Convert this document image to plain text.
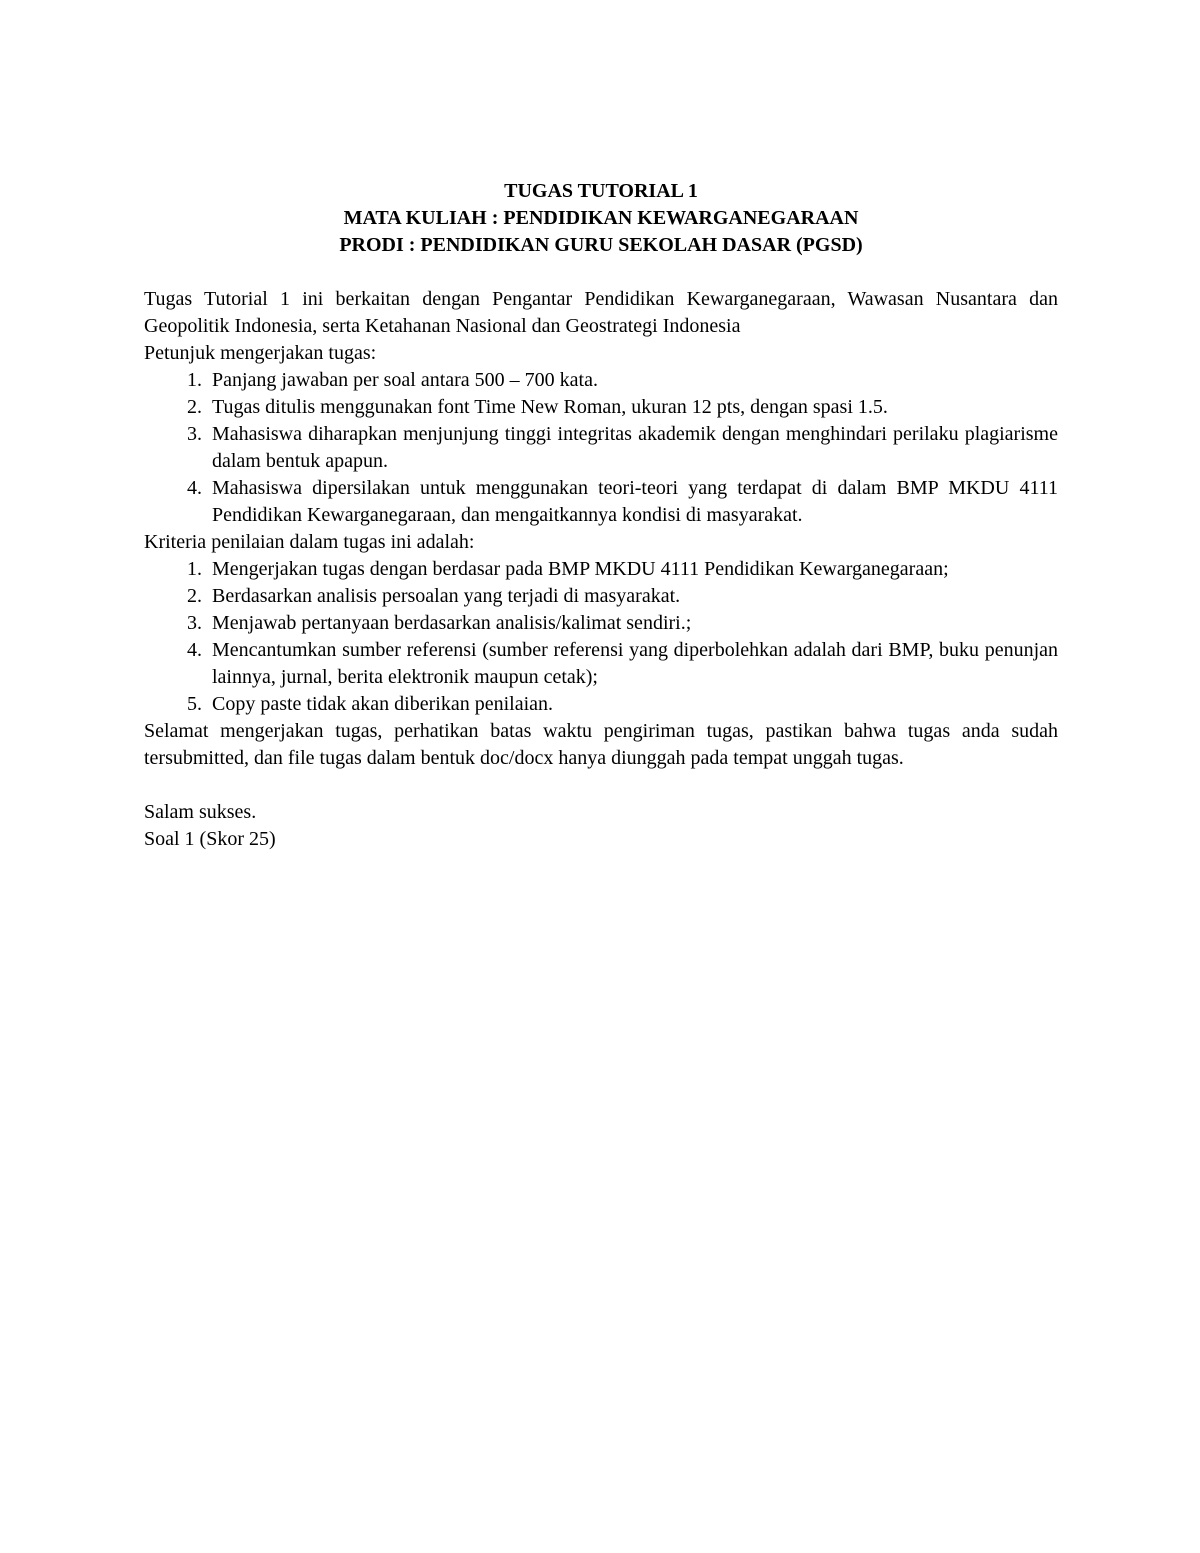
TUGAS TUTORIAL 1

MATA KULIAH : PENDIDIKAN KEWARGANEGARAAN

PRODI : PENDIDIKAN GURU SEKOLAH DASAR (PGSD)

Tugas Tutorial 1 ini berkaitan dengan Pengantar Pendidikan Kewarganegaraan, Wawasan Nusantara dan Geopolitik Indonesia, serta Ketahanan Nasional dan Geostrategi Indonesia

Petunjuk mengerjakan tugas:

1. Panjang jawaban per soal antara 500 – 700 kata.
2. Tugas ditulis menggunakan font Time New Roman, ukuran 12 pts, dengan spasi 1.5.
3. Mahasiswa diharapkan menjunjung tinggi integritas akademik dengan menghindari perilaku plagiarisme dalam bentuk apapun.
4. Mahasiswa dipersilakan untuk menggunakan teori-teori yang terdapat di dalam BMP MKDU 4111 Pendidikan Kewarganegaraan, dan mengaitkannya kondisi di masyarakat.

Kriteria penilaian dalam tugas ini adalah:

1. Mengerjakan tugas dengan berdasar pada BMP MKDU 4111 Pendidikan Kewarganegaraan;
2. Berdasarkan analisis persoalan yang terjadi di masyarakat.
3. Menjawab pertanyaan berdasarkan analisis/kalimat sendiri.;
4. Mencantumkan sumber referensi (sumber referensi yang diperbolehkan adalah dari BMP, buku penunjan lainnya, jurnal, berita elektronik maupun cetak);
5. Copy paste tidak akan diberikan penilaian.

Selamat mengerjakan tugas, perhatikan batas waktu pengiriman tugas, pastikan bahwa tugas anda sudah tersubmitted, dan file tugas dalam bentuk doc/docx hanya diunggah pada tempat unggah tugas.

Salam sukses.

Soal 1 (Skor 25)
